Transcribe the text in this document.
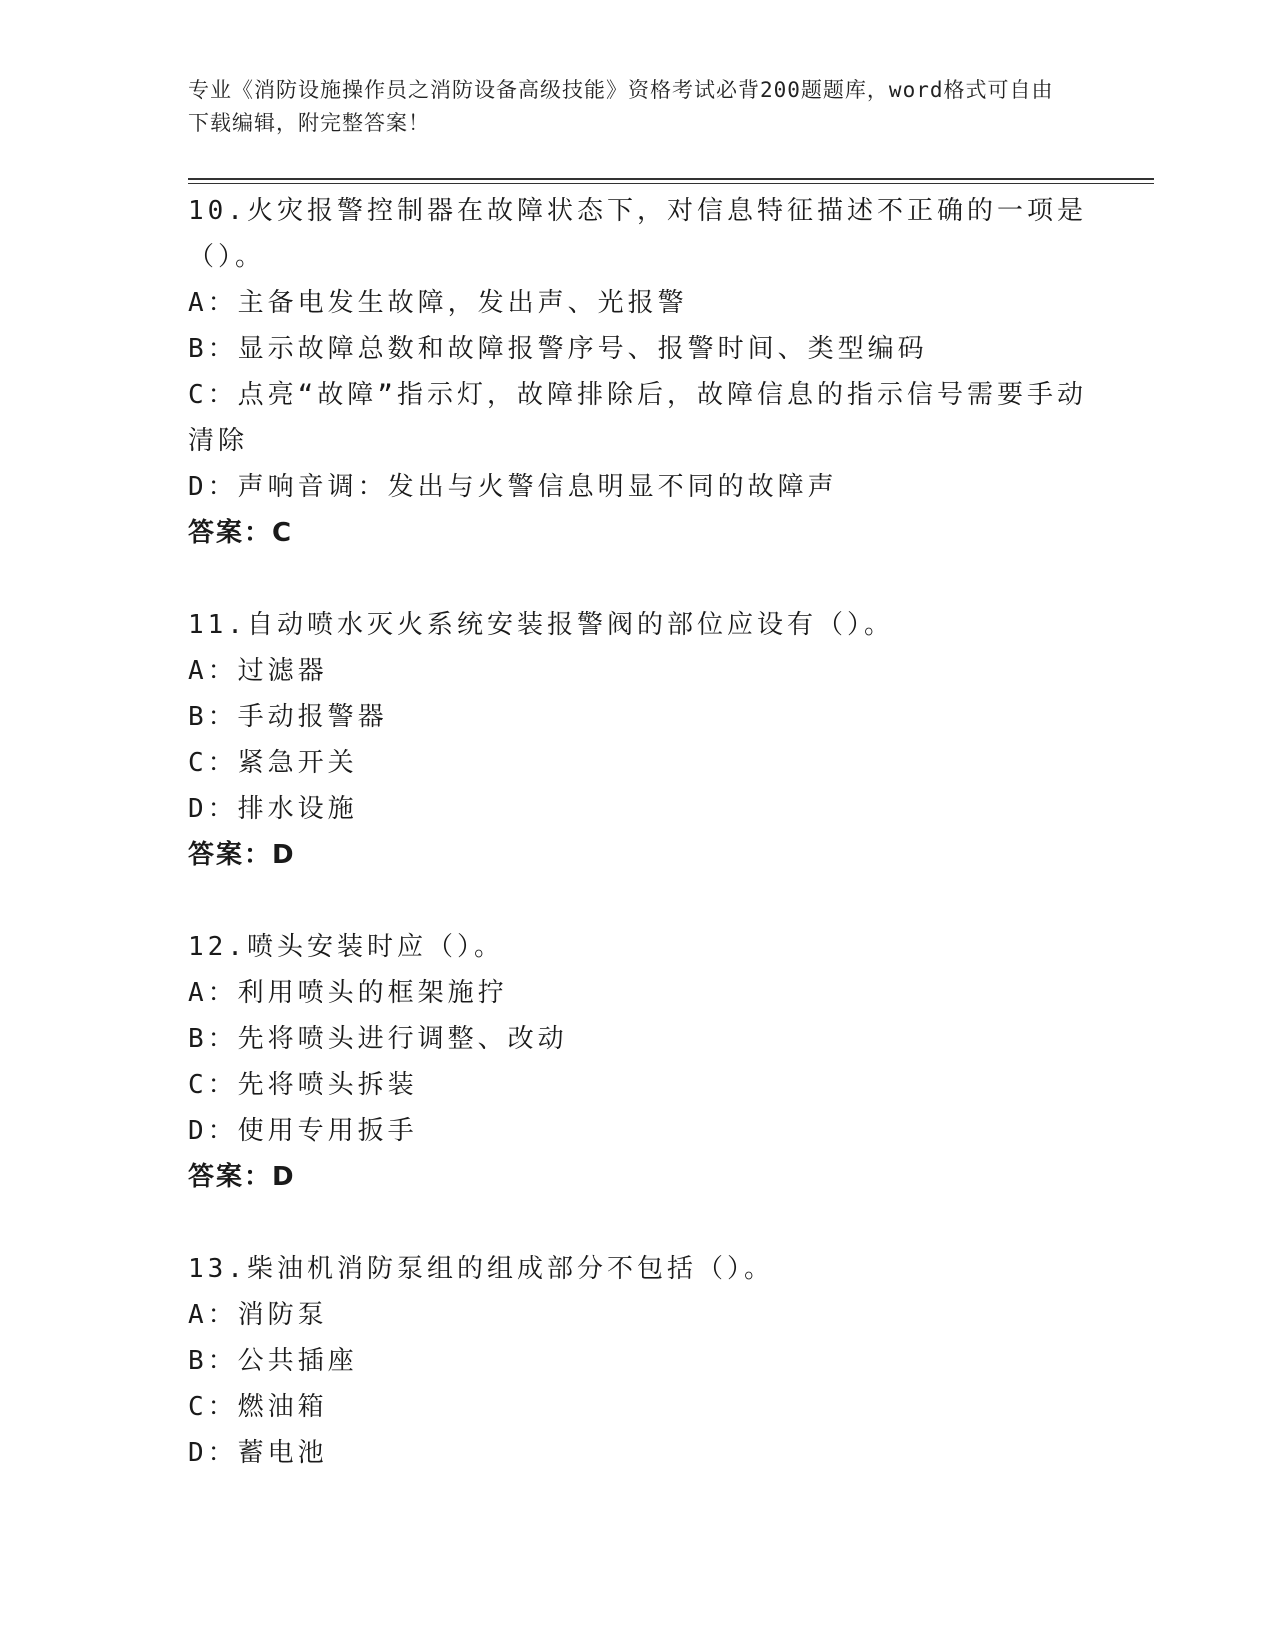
专业《消防设施操作员之消防设备高级技能》资格考试必背200题题库，word格式可自由下载编辑，附完整答案！

10.火灾报警控制器在故障状态下，对信息特征描述不正确的一项是（）。

A：主备电发生故障，发出声、光报警

B：显示故障总数和故障报警序号、报警时间、类型编码

C：点亮“故障”指示灯，故障排除后，故障信息的指示信号需要手动清除

D：声响音调：发出与火警信息明显不同的故障声

答案：C

11.自动喷水灭火系统安装报警阀的部位应设有（）。

A：过滤器

B：手动报警器

C：紧急开关

D：排水设施

答案：D

12.喷头安装时应（）。

A：利用喷头的框架施拧

B：先将喷头进行调整、改动

C：先将喷头拆装

D：使用专用扳手

答案：D

13.柴油机消防泵组的组成部分不包括（）。

A：消防泵

B：公共插座

C：燃油箱

D：蓄电池
